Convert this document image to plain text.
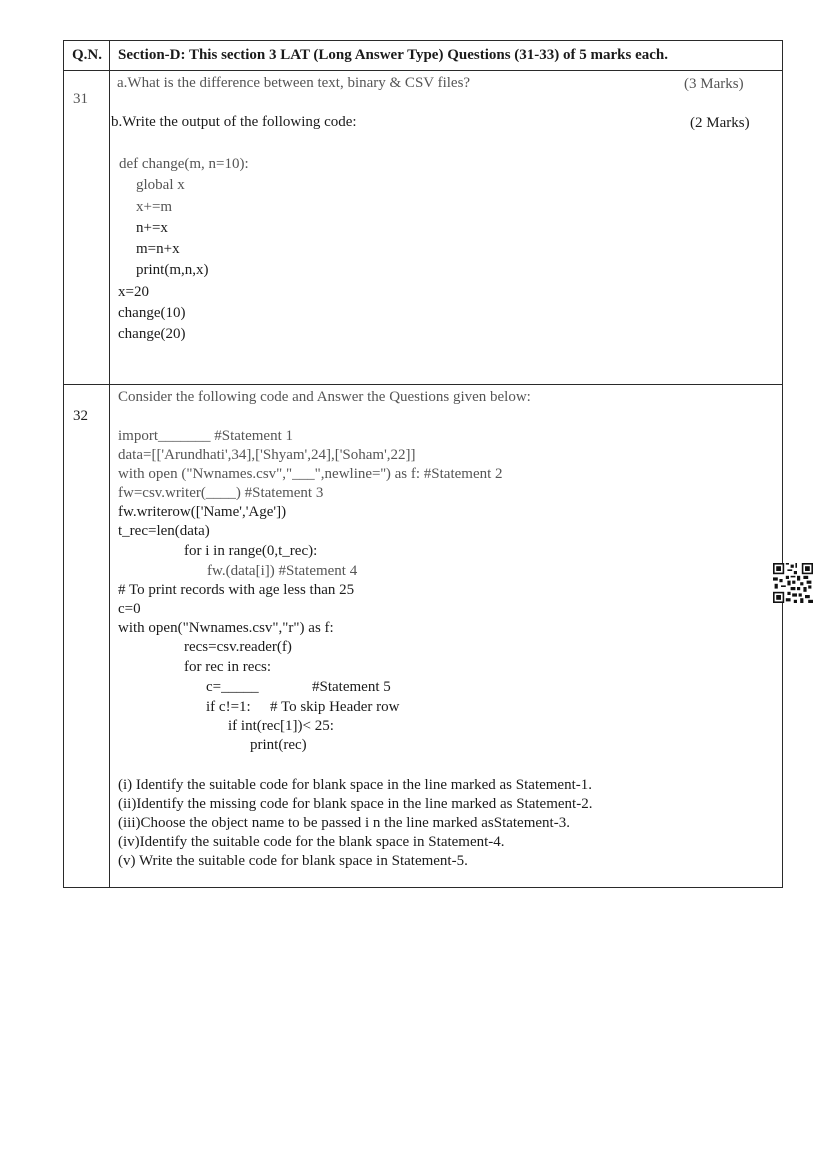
Q.N. Section-D: This section 3 LAT (Long Answer Type) Questions (31-33) of 5 marks each.
31
a.What is the difference between text, binary & CSV files?	(3 Marks)
b.Write the output of the following code:	(2 Marks)
def change(m, n=10):
global x
x+=m
n+=x
m=n+x
print(m,n,x)
x=20
change(10)
change(20)
32
Consider the following code and Answer the Questions given below:
import_______ #Statement 1
data=[['Arundhati',34],['Shyam',24],['Soham',22]]
with open ("Nwnames.csv","___",newline='') as f: #Statement 2
fw=csv.writer(____) #Statement 3
fw.writerow(['Name','Age'])
t_rec=len(data)
for i in range(0,t_rec):
fw.(data[i]) #Statement 4
# To print records with age less than 25
c=0
with open("Nwnames.csv","r") as f:
recs=csv.reader(f)
for rec in recs:
c=_____	#Statement 5
if c!=1: # To skip Header row
if int(rec[1])< 25:
print(rec)
(i) Identify the suitable code for blank space in the line marked as Statement-1.
(ii)Identify the missing code for blank space in the line marked as Statement-2.
(iii)Choose the object name to be passed i n the line marked asStatement-3.
(iv)Identify the suitable code for the blank space in Statement-4.
(v) Write the suitable code for blank space in Statement-5.
